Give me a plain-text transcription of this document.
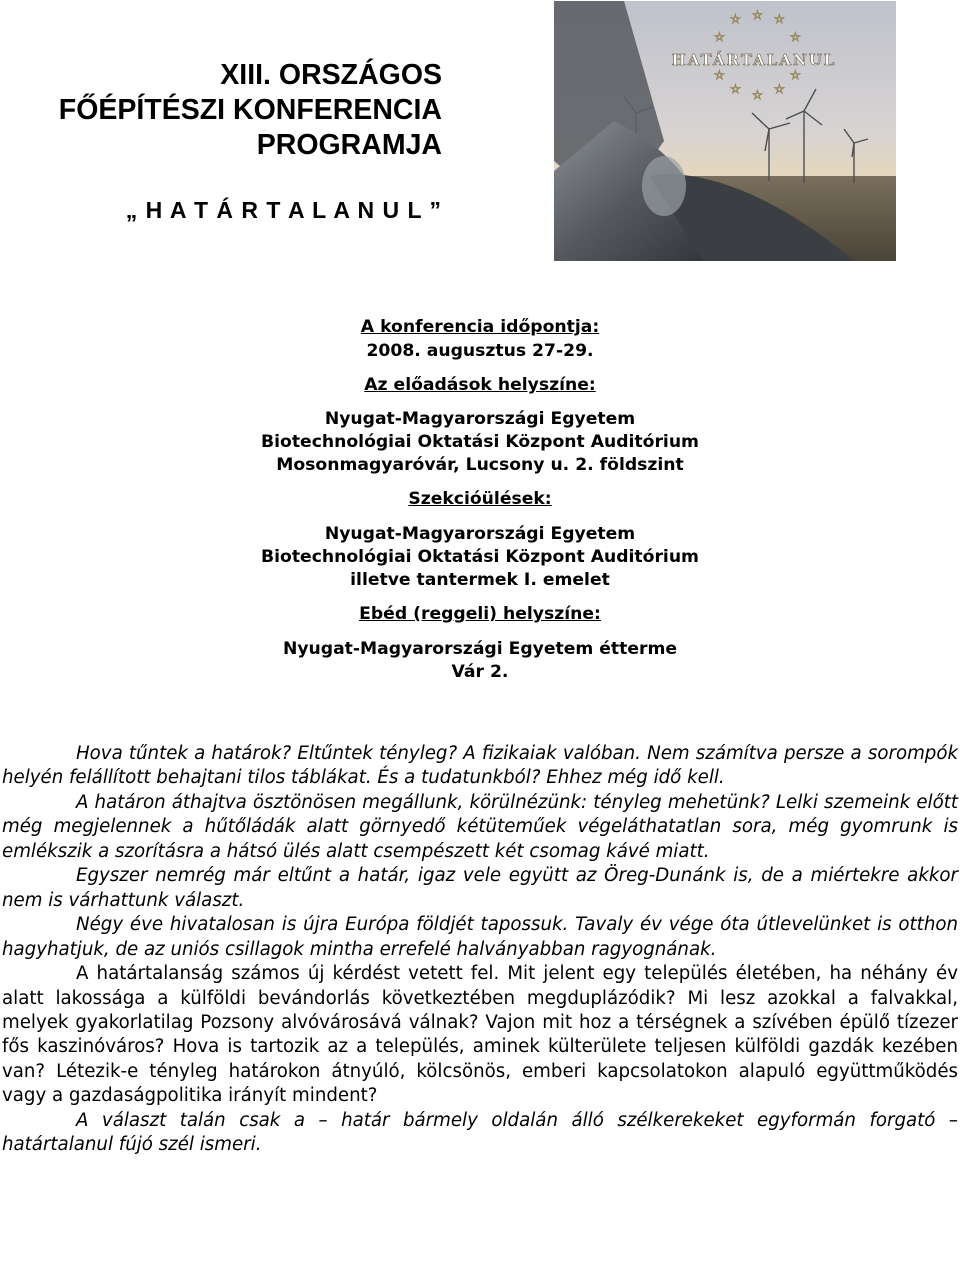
XIII. ORSZÁGOS
FŐÉPÍTÉSZI KONFERENCIA
PROGRAMJA
„ H A T Á R T A L A N U L ”
☆ ☆ ☆
☆	☆
☆ ☆ ☆
☆	☆
HATÁRTALANUL
A konferencia időpontja:
2008. augusztus 27-29.
Az előadások helyszíne:
Nyugat-Magyarországi Egyetem
Biotechnológiai Oktatási Központ Auditórium
Mosonmagyaróvár, Lucsony u. 2. földszint
Szekcióülések:
Nyugat-Magyarországi Egyetem
Biotechnológiai Oktatási Központ Auditórium
illetve tantermek I. emelet
Ebéd (reggeli) helyszíne:
Nyugat-Magyarországi Egyetem étterme
Vár 2.

Hova tűntek a határok? Eltűntek tényleg? A fizikaiak valóban. Nem számítva persze a sorompók helyén felállított behajtani tilos táblákat. És a tudatunkból? Ehhez még idő kell.

A határon áthajtva ösztönösen megállunk, körülnézünk: tényleg mehetünk? Lelki szemeink előtt még megjelennek a hűtőládák alatt görnyedő kétüteműek végeláthatatlan sora, még gyomrunk is emlékszik a szorításra a hátsó ülés alatt csempészett két csomag kávé miatt.

Egyszer nemrég már eltűnt a határ, igaz vele együtt az Öreg-Dunánk is, de a miértekre akkor nem is várhattunk választ.

Négy éve hivatalosan is újra Európa földjét tapossuk. Tavaly év vége óta útlevelünket is otthon hagyhatjuk, de az uniós csillagok mintha errefelé halványabban ragyognának.

A határtalanság számos új kérdést vetett fel. Mit jelent egy település életében, ha néhány év alatt lakossága a külföldi bevándorlás következtében megduplázódik? Mi lesz azokkal a falvakkal, melyek gyakorlatilag Pozsony alvóvárosává válnak? Vajon mit hoz a térségnek a szívében épülő tízezer fős kaszinóváros? Hova is tartozik az a település, aminek külterülete teljesen külföldi gazdák kezében van? Létezik-e tényleg határokon átnyúló, kölcsönös, emberi kapcsolatokon alapuló együttműködés vagy a gazdaságpolitika irányít mindent?

A választ talán csak a – határ bármely oldalán álló szélkerekeket egyformán forgató –határtalanul fújó szél ismeri.
